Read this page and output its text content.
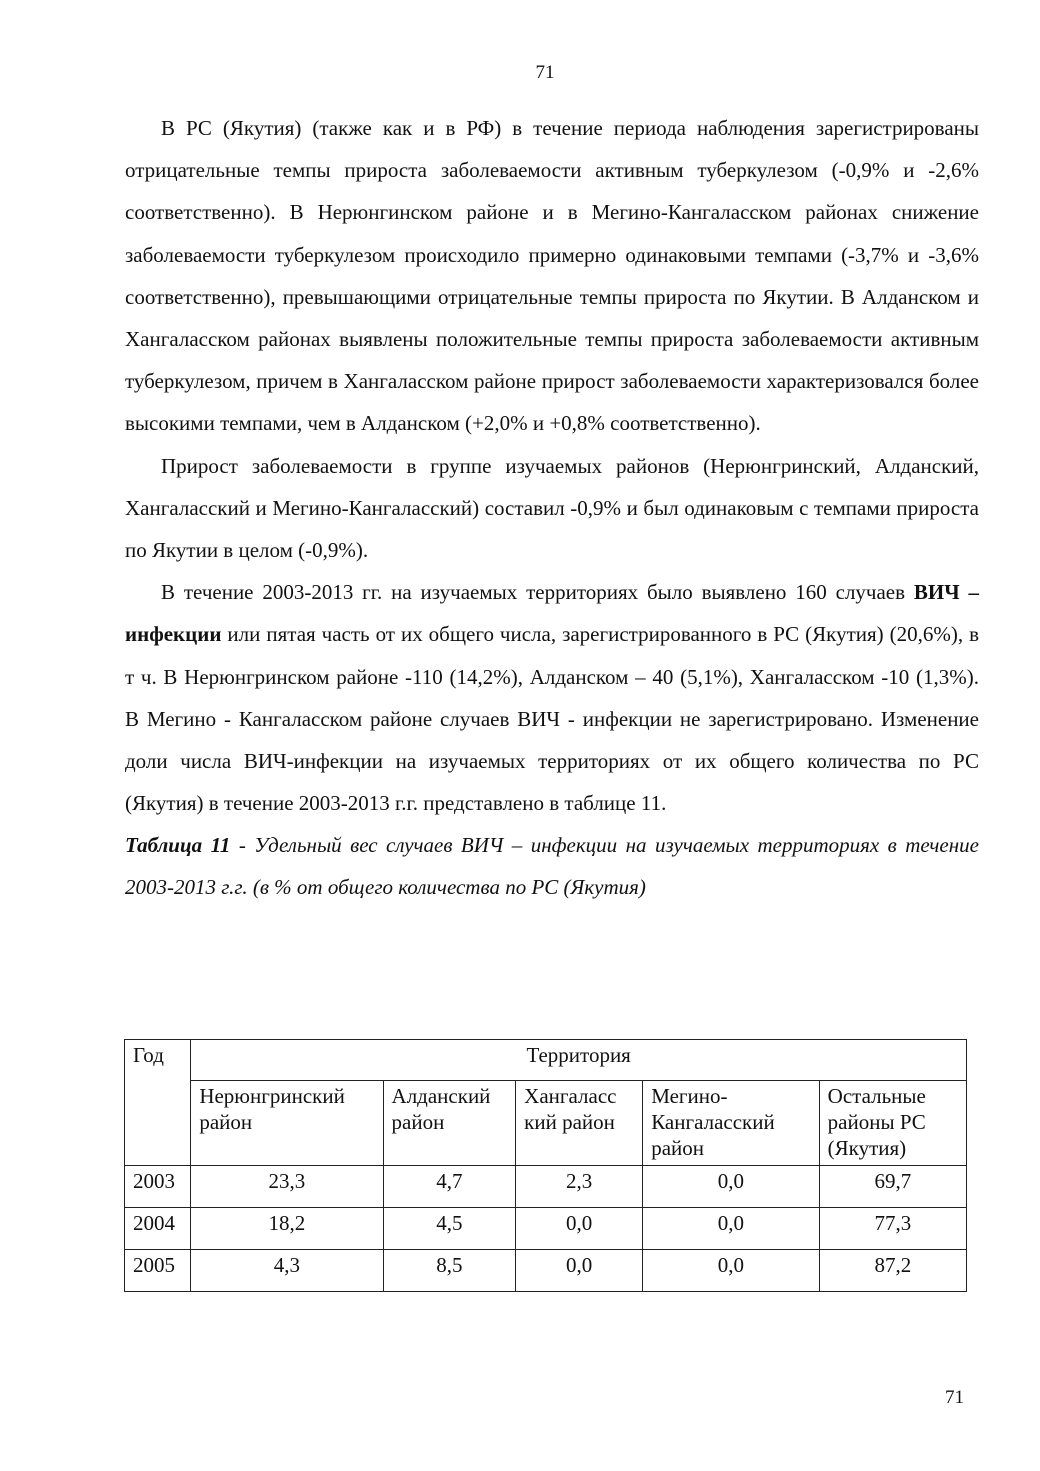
71

В РС (Якутия) (также как и в РФ) в течение периода наблюдения зарегистрированы отрицательные темпы прироста заболеваемости активным туберкулезом (-0,9% и -2,6% соответственно). В Нерюнгинском районе и в Мегино-Кангаласском районах снижение заболеваемости туберкулезом происходило примерно одинаковыми темпами (-3,7% и -3,6% соответственно), превышающими отрицательные темпы прироста по Якутии. В Алданском и Хангаласском районах выявлены положительные темпы прироста заболеваемости активным туберкулезом, причем в Хангаласском районе прирост заболеваемости характеризовался более высокими темпами, чем в Алданском (+2,0% и +0,8% соответственно).

Прирост заболеваемости в группе изучаемых районов (Нерюнгринский, Алданский, Хангаласский и Мегино-Кангаласский) составил -0,9% и был одинаковым с темпами прироста по Якутии в целом (-0,9%).

В течение 2003-2013 гг. на изучаемых территориях было выявлено 160 случаев ВИЧ – инфекции или пятая часть от их общего числа, зарегистрированного в РС (Якутия) (20,6%), в т ч. В Нерюнгринском районе -110 (14,2%), Алданском – 40 (5,1%), Хангаласском -10 (1,3%). В Мегино - Кангаласском районе случаев ВИЧ - инфекции не зарегистрировано. Изменение доли числа ВИЧ-инфекции на изучаемых территориях от их общего количества по РС (Якутия) в течение 2003-2013 г.г. представлено в таблице 11.

Таблица 11 - Удельный вес случаев ВИЧ – инфекции на изучаемых территориях в течение 2003-2013 г.г. (в % от общего количества по РС (Якутия)

Год	Территория				
	Нерюнгринский район	Алданский район	Хангаласс кий район	Мегино-Кангаласский район	Остальные районы РС (Якутия)
2003	23,3	4,7	2,3	0,0	69,7
2004	18,2	4,5	0,0	0,0	77,3
2005	4,3	8,5	0,0	0,0	87,2
71
